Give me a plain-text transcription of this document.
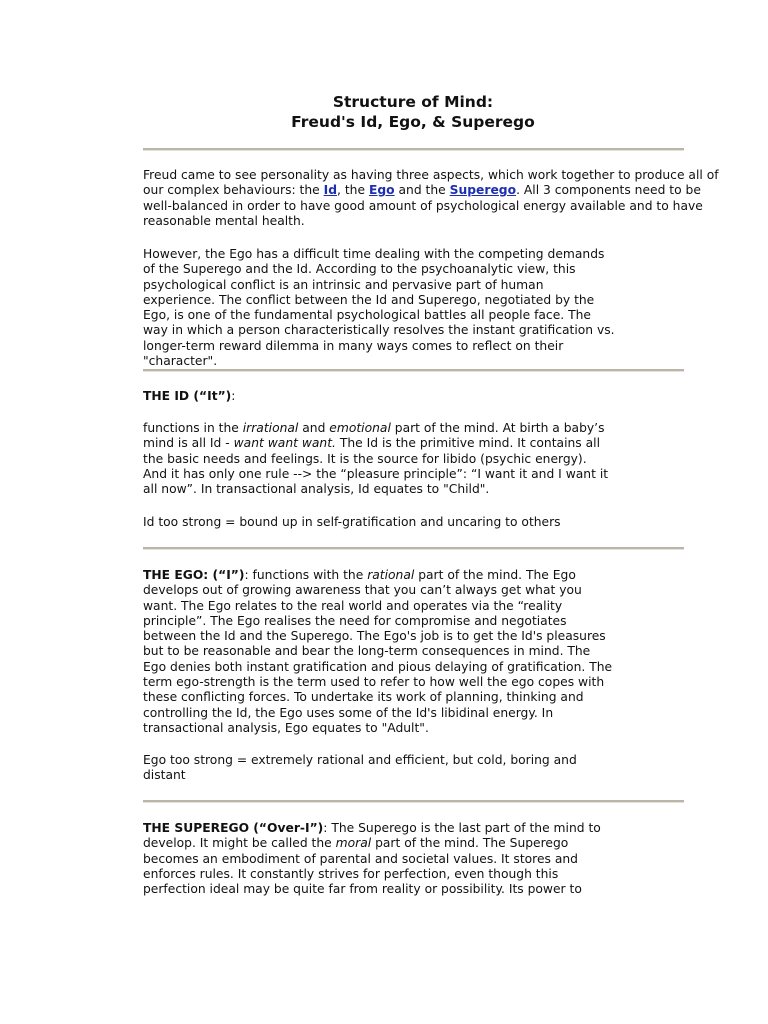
Structure of Mind:
Freud's Id, Ego, & Superego
Freud came to see personality as having three aspects, which work together to produce all of
our complex behaviours: the Id, the Ego and the Superego. All 3 components need to be
well-balanced in order to have good amount of psychological energy available and to have
reasonable mental health.
However, the Ego has a difficult time dealing with the competing demands
of the Superego and the Id. According to the psychoanalytic view, this
psychological conflict is an intrinsic and pervasive part of human
experience. The conflict between the Id and Superego, negotiated by the
Ego, is one of the fundamental psychological battles all people face. The
way in which a person characteristically resolves the instant gratification vs.
longer-term reward dilemma in many ways comes to reflect on their
"character".
THE ID (“It”):
functions in the irrational and emotional part of the mind. At birth a baby’s
mind is all Id - want want want. The Id is the primitive mind. It contains all
the basic needs and feelings. It is the source for libido (psychic energy).
And it has only one rule --> the “pleasure principle”: “I want it and I want it
all now”. In transactional analysis, Id equates to "Child".
Id too strong = bound up in self-gratification and uncaring to others
THE EGO: (“I”): functions with the rational part of the mind. The Ego
develops out of growing awareness that you can’t always get what you
want. The Ego relates to the real world and operates via the “reality
principle”. The Ego realises the need for compromise and negotiates
between the Id and the Superego. The Ego's job is to get the Id's pleasures
but to be reasonable and bear the long-term consequences in mind. The
Ego denies both instant gratification and pious delaying of gratification. The
term ego-strength is the term used to refer to how well the ego copes with
these conflicting forces. To undertake its work of planning, thinking and
controlling the Id, the Ego uses some of the Id's libidinal energy. In
transactional analysis, Ego equates to "Adult".
Ego too strong = extremely rational and efficient, but cold, boring and
distant
THE SUPEREGO (“Over-I”): The Superego is the last part of the mind to
develop. It might be called the moral part of the mind. The Superego
becomes an embodiment of parental and societal values. It stores and
enforces rules. It constantly strives for perfection, even though this
perfection ideal may be quite far from reality or possibility. Its power to
